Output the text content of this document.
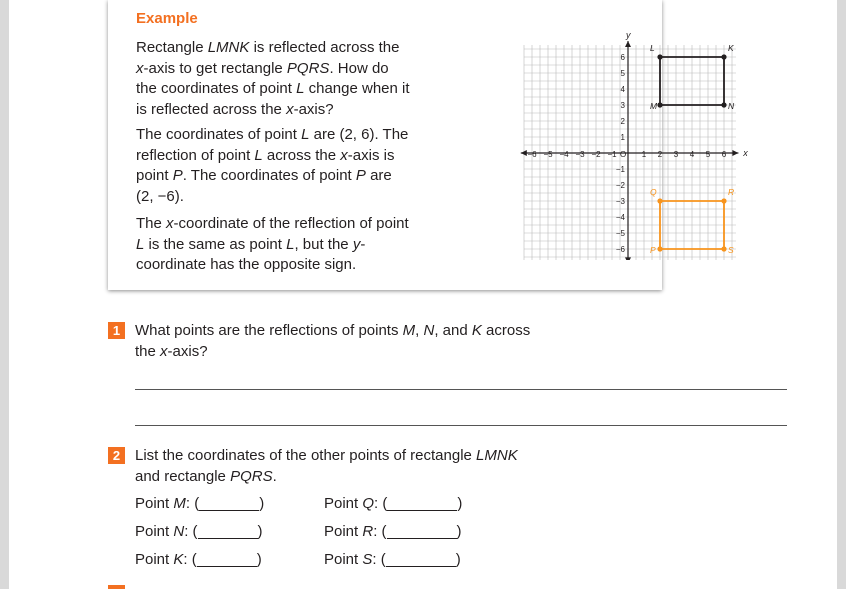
Example

Rectangle LMNK is reflected across the x-axis to get rectangle PQRS. How do the coordinates of point L change when it is reflected across the x-axis?

The coordinates of point L are (2, 6). The reflection of point L across the x-axis is point P. The coordinates of point P are (2, −6).

The x-coordinate of the reflection of point L is the same as point L, but the y-coordinate has the opposite sign.

x
y
O
−6 −5 −4 −3 −2 −1	1 2 3 4 5 6
6
5
4
3
2
1
−1
−2
−3
−4
−5
−6
L	K
N
M
Q	R
S
P
1 What points are the reflections of points M, N, and K across the x-axis?
2 List the coordinates of the other points of rectangle LMNK and rectangle PQRS.
Point M: (	)
Point N: (	)
Point K: (	)
Point Q: (	)
Point R: (	)
Point S: (	)
